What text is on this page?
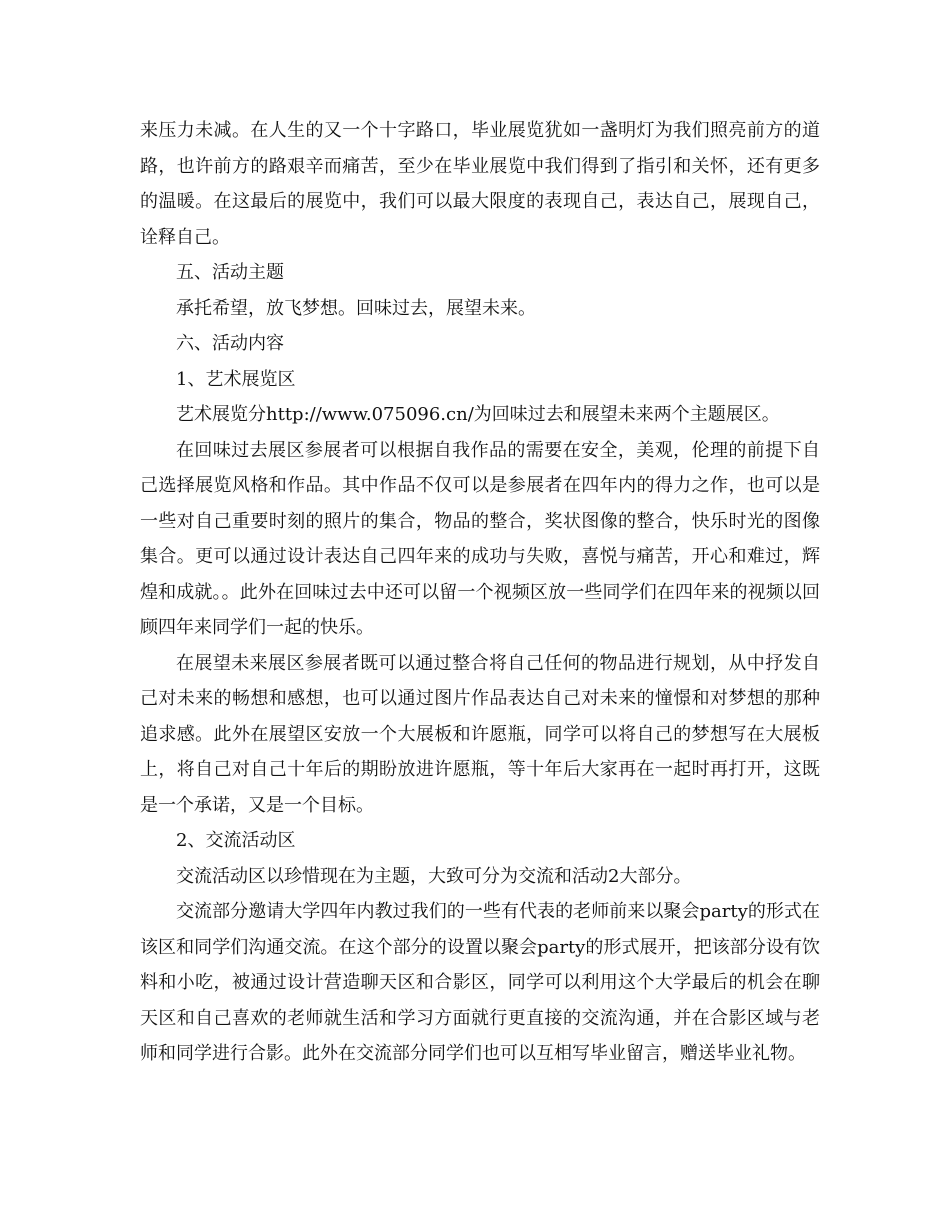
来压力未减。在人生的又一个十字路口，毕业展览犹如一盏明灯为我们照亮前方的道路，也许前方的路艰辛而痛苦，至少在毕业展览中我们得到了指引和关怀，还有更多的温暖。在这最后的展览中，我们可以最大限度的表现自己，表达自己，展现自己，诠释自己。

五、活动主题

承托希望，放飞梦想。回味过去，展望未来。

六、活动内容

1、艺术展览区

艺术展览分http://www.075096.cn/为回味过去和展望未来两个主题展区。

在回味过去展区参展者可以根据自我作品的需要在安全，美观，伦理的前提下自己选择展览风格和作品。其中作品不仅可以是参展者在四年内的得力之作，也可以是一些对自己重要时刻的照片的集合，物品的整合，奖状图像的整合，快乐时光的图像集合。更可以通过设计表达自己四年来的成功与失败，喜悦与痛苦，开心和难过，辉煌和成就。。此外在回味过去中还可以留一个视频区放一些同学们在四年来的视频以回顾四年来同学们一起的快乐。

在展望未来展区参展者既可以通过整合将自己任何的物品进行规划，从中抒发自己对未来的畅想和感想，也可以通过图片作品表达自己对未来的憧憬和对梦想的那种追求感。此外在展望区安放一个大展板和许愿瓶，同学可以将自己的梦想写在大展板上，将自己对自己十年后的期盼放进许愿瓶，等十年后大家再在一起时再打开，这既是一个承诺，又是一个目标。

2、交流活动区

交流活动区以珍惜现在为主题，大致可分为交流和活动2大部分。

交流部分邀请大学四年内教过我们的一些有代表的老师前来以聚会party的形式在该区和同学们沟通交流。在这个部分的设置以聚会party的形式展开，把该部分设有饮料和小吃，被通过设计营造聊天区和合影区，同学可以利用这个大学最后的机会在聊天区和自己喜欢的老师就生活和学习方面就行更直接的交流沟通，并在合影区域与老师和同学进行合影。此外在交流部分同学们也可以互相写毕业留言，赠送毕业礼物。
